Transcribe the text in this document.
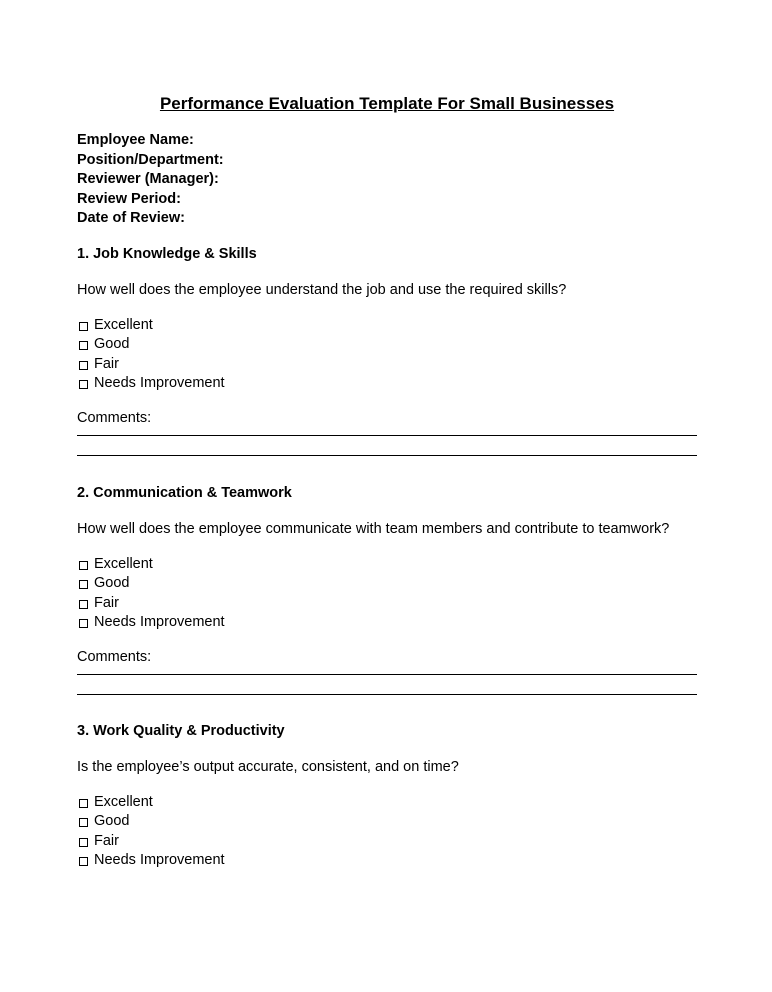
Performance Evaluation Template For Small Businesses
Employee Name:
Position/Department:
Reviewer (Manager):
Review Period:
Date of Review:
1. Job Knowledge & Skills

How well does the employee understand the job and use the required skills?

Excellent
Good
Fair
Needs Improvement

Comments:

2. Communication & Teamwork

How well does the employee communicate with team members and contribute to teamwork?

Excellent
Good
Fair
Needs Improvement

Comments:

3. Work Quality & Productivity

Is the employee’s output accurate, consistent, and on time?

Excellent
Good
Fair
Needs Improvement
